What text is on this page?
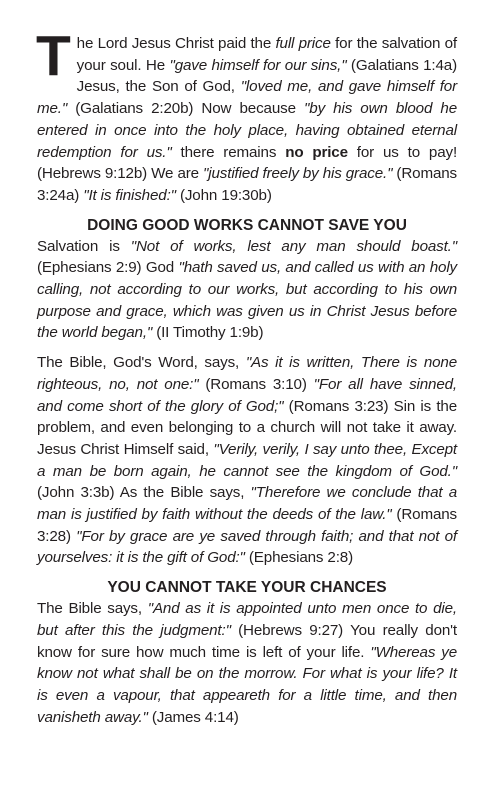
T he Lord Jesus Christ paid the full price for the salvation of your soul. He "gave himself for our sins," (Galatians 1:4a) Jesus, the Son of God, "loved me, and gave himself for me." (Galatians 2:20b) Now because "by his own blood he entered in once into the holy place, having obtained eternal redemption for us." there remains no price for us to pay! (Hebrews 9:12b) We are "justified freely by his grace." (Romans 3:24a) "It is finished:" (John 19:30b)

DOING GOOD WORKS CANNOT SAVE YOU

Salvation is "Not of works, lest any man should boast." (Ephesians 2:9) God "hath saved us, and called us with an holy calling, not according to our works, but according to his own purpose and grace, which was given us in Christ Jesus before the world began," (II Timothy 1:9b)

The Bible, God's Word, says, "As it is written, There is none righteous, no, not one:" (Romans 3:10) "For all have sinned, and come short of the glory of God;" (Romans 3:23) Sin is the problem, and even belonging to a church will not take it away. Jesus Christ Himself said, "Verily, verily, I say unto thee, Except a man be born again, he cannot see the kingdom of God." (John 3:3b) As the Bible says, "Therefore we conclude that a man is justified by faith without the deeds of the law." (Romans 3:28) "For by grace are ye saved through faith; and that not of yourselves: it is the gift of God:" (Ephesians 2:8)

YOU CANNOT TAKE YOUR CHANCES

The Bible says, "And as it is appointed unto men once to die, but after this the judgment:" (Hebrews 9:27) You really don't know for sure how much time is left of your life. "Whereas ye know not what shall be on the morrow. For what is your life? It is even a vapour, that appeareth for a little time, and then vanisheth away." (James 4:14)
